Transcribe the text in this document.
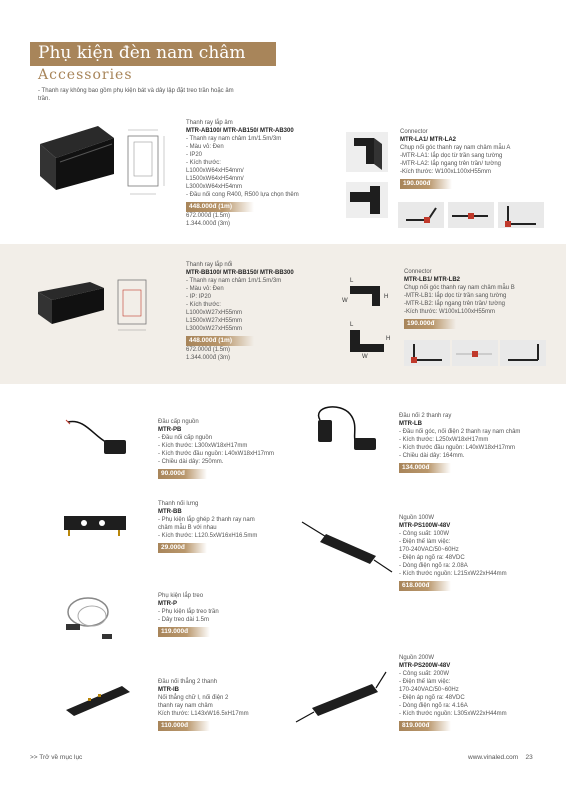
Phụ kiện đèn nam châm
Accessories
- Thanh ray không bao gồm phụ kiện bát và dây lập đặt treo trần hoặc âm trần.
L
W
H
L
H
W
Thanh ray lắp âm
MTR-AB100/ MTR-AB150/ MTR-AB300
- Thanh ray nam châm 1m/1.5m/3m
- Màu vỏ: Đen
- IP20
- Kích thước:
L1000xW64xH54mm/
L1500xW64xH54mm/
L3000xW64xH54mm
- Đầu nối cong R400, R500 lựa chọn thêm
448.000đ (1m)
672.000đ (1.5m)
1.344.000đ (3m)
Connector
MTR-LA1/ MTR-LA2
Chụp nối góc thanh ray nam châm mẫu A
-MTR-LA1: lắp dọc từ trần sang tường
-MTR-LA2: lắp ngang trên trần/ tường
-Kích thước: W100xL100xH55mm
190.000đ
Thanh ray lắp nổi
MTR-BB100/ MTR-BB150/ MTR-BB300
- Thanh ray nam châm 1m/1.5m/3m
- Màu vỏ: Đen
- IP: IP20
- Kích thước:
L1000xW27xH55mm
L1500xW27xH55mm
L3000xW27xH55mm
448.000đ (1m)
672.000đ (1.5m)
1.344.000đ (3m)
Connector
MTR-LB1/ MTR-LB2
Chụp nối góc thanh ray nam châm mẫu B
-MTR-LB1: lắp dọc từ trần sang tường
-MTR-LB2: lắp ngang trên trần/ tường
-Kích thước: W100xL100xH55mm
190.000đ
Đầu cấp nguồn
MTR-PB
- Đầu nối cấp nguồn
- Kích thước: L300xW18xH17mm
- Kích thước đầu nguồn: L40xW18xH17mm
- Chiều dài dây: 250mm.
90.000đ
Đầu nối 2 thanh ray
MTR-LB
- Đầu nối góc, nối điện 2 thanh ray nam châm
- Kích thước: L250xW18xH17mm
- Kích thước đầu nguồn: L40xW18xH17mm
- Chiều dài dây: 164mm.
134.000đ
Thanh nối lưng
MTR-BB
- Phụ kiện lắp ghép 2 thanh ray nam
châm mẫu B với nhau
- Kích thước: L120.5xW16xH16.5mm
29.000đ
Nguồn 100W
MTR-PS100W-48V
- Công suất: 100W
- Điện thế làm việc:
170-240VAC/50~60Hz
- Điện áp ngõ ra: 48VDC
- Dòng điện ngõ ra: 2.08A
- Kích thước nguồn: L215xW22xH44mm
618.000đ
Phụ kiện lắp treo
MTR-P
- Phụ kiện lắp treo trần
- Dây treo dài 1.5m
119.000đ
Đầu nối thẳng 2 thanh
MTR-IB
Nối thẳng chữ I, nối điện 2
thanh ray nam châm
Kích thước: L143xW16.5xH17mm
110.000đ
Nguồn 200W
MTR-PS200W-48V
- Công suất: 200W
- Điện thế làm việc:
170-240VAC/50~60Hz
- Điện áp ngõ ra: 48VDC
- Dòng điện ngõ ra: 4.16A
- Kích thước nguồn: L305xW22xH44mm
819.000đ
>> Trở về mục lục	www.vinaled.com 23
